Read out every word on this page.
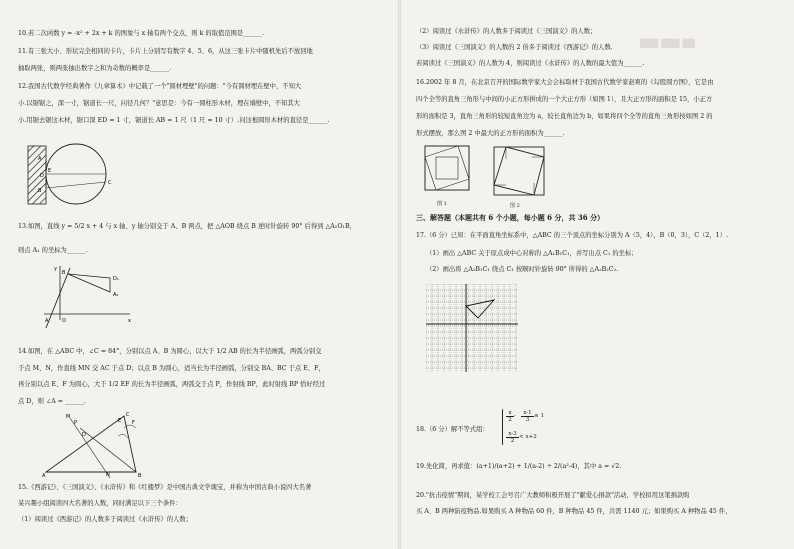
10.若二次函数 y = -x² + 2x + k 的图象与 x 轴有两个交点，则 k 的取值范围是______.
11.有三张大小、形状完全相同的卡片，卡片上分别写有数字 4、5、6，从这三张卡片中随机先后不放回地
抽取两张，则两张抽出数字之和为奇数的概率是______.
12.我国古代数学经典著作《九章算术》中记载了一个"圆材埋壁"的问题："今有圆材埋在壁中，不知大
小.以锯锯之，深一寸，锯道长一尺，问径几何？"意思是：今有一圆柱形木材，埋在墙壁中，不知其大
小.用锯去锯这木材，锯口深 ED = 1 寸，锯道长 AB = 1 尺（1 尺 = 10 寸）.问这根圆形木材的直径是______.
A
B
C
E
D
13.如图，直线 y = 5/2 x + 4 与 x 轴、y 轴分别交于 A、B 两点，把 △AOB 绕点 B 逆时针旋转 90° 后得到 △A₁O₁B，
则点 A₁ 的坐标为______.
y
x
A	O
B
D₁
A₁
14.如图，在 △ABC 中，∠C = 84°，分别以点 A、B 为圆心，以大于 1/2 AB 的长为半径画弧，两弧分别交
于点 M、N，作直线 MN 交 AC 于点 D；以点 B 为圆心，适当长为半径画弧，分别交 BA、BC 于点 E、F，
再分别以点 E、F 为圆心，大于 1/2 EF 的长为半径画弧，两弧交于点 P，作射线 BP，此时射线 BP 恰好经过
点 D，则 ∠A = ______.
A	B
C
D
E F
P
M
N
15.《西游记》、《三国演义》、《水浒传》和《红楼梦》是中国古典文学瑰宝，并称为中国古典小说四大名著
某兴趣小组阅读四大名著的人数，同时满足以下三个条件：
（1）阅读过《西游记》的人数多于阅读过《水浒传》的人数；
（2）阅读过《水浒传》的人数多于阅读过《三国演义》的人数；
（3）阅读过《三国演义》的人数的 2 倍多于阅读过《西游记》的人数.
若阅读过《三国演义》的人数为 4，则阅读过《水浒传》的人数的最大值为______.
16.2002 年 8 月，在北京召开的国际数学家大会会标取材于我国古代数学家赵爽的《勾股圆方图》，它是由
四个全等的直角三角形与中间的小正方形拼成的一个大正方形（如图 1），且大正方形的面积是 15，小正方
形的面积是 3，直角三角形的较短直角边为 a，较长直角边为 b，如果将四个全等的直角三角形按如图 2 的
形式摆放，那么图 2 中最大的正方形的面积为______.
图 1	图 2
三、解答题（本题共有 6 个小题，每小题 6 分，共 36 分）
17.（6 分）已知：在平面直角坐标系中，△ABC 的三个顶点的坐标分别为 A（5，4），B（0，3），C（2，1）.
（1）画出 △ABC 关于原点成中心对称的 △A₁B₁C₁，并写出点 C₁ 的坐标；
（2）画出将 △A₁B₁C₁ 绕点 C₁ 按顺时针旋转 90° 所得的 △A₂B₂C₂.
18.（6 分）解不等式组：
$\frac{x}{2} - \frac{x-1}{3} \le 1$
$\frac{x-3}{2} < x+2$
19.先化简，再求值：(a+1)/(a+2) + 1/(a-2) ÷ 2/(a²-4)，其中 a = √2.
20."抗击疫情"期间，某学校工会号召广大教师积极开展了"献爱心捐款"活动，学校拟用这笔捐款购
买 A、B 两种防疫物品.如果购买 A 种物品 60 件，B 种物品 45 件，共需 1140 元；如果购买 A 种物品 45 件，
▒▒▒ ▒▒▒ ▒▒
